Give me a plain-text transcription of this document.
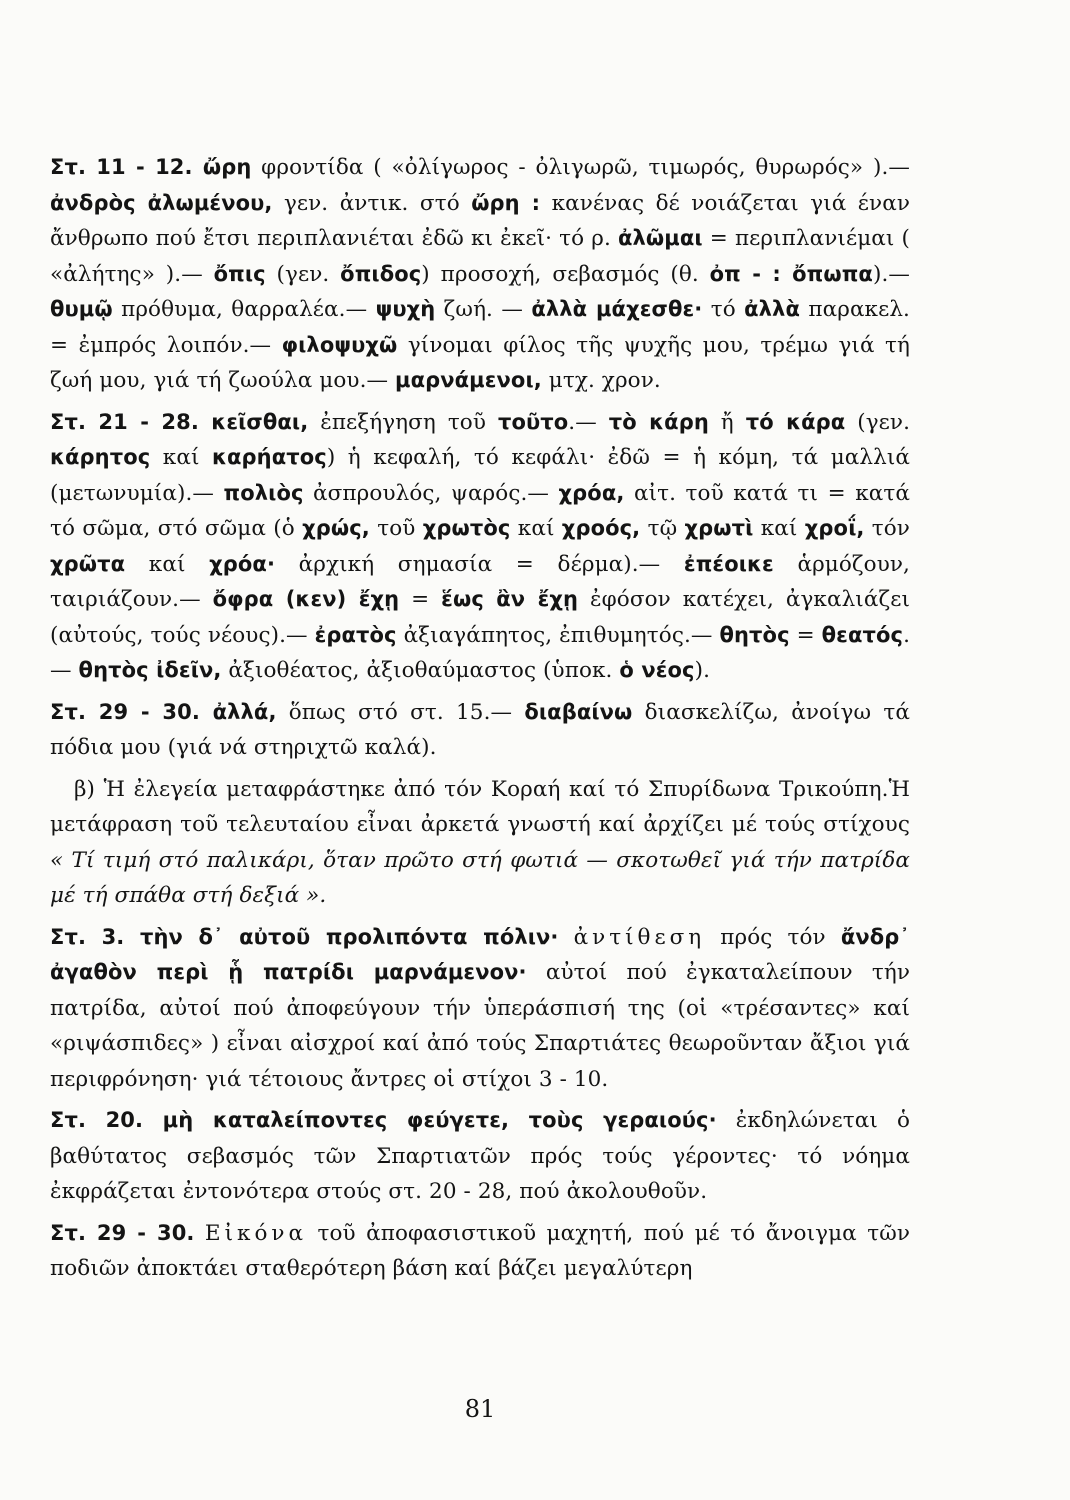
Στ. 11 - 12. ὤρη φροντίδα ( «ὀλίγωρος - ὀλιγωρῶ, τιμωρός, θυρωρός» ).— ἀνδρὸς ἀλωμένου, γεν. ἀντικ. στό ὤρη : κανένας δέ νοιάζεται γιά έναν ἄνθρωπο πού ἔτσι περιπλανιέται ἐδῶ κι ἐκεῖ· τό ρ. ἀλῶμαι = περιπλανιέμαι ( «ἀλήτης» ).— ὄπις (γεν. ὄπιδος) προσοχή, σεβασμός (θ. ὀπ - : ὄπωπα).— θυμῷ πρόθυμα, θαρραλέα.— ψυχὴ ζωή. — ἀλλὰ μάχεσθε· τό ἀλλὰ παρακελ. = ἐμπρός λοιπόν.— φιλοψυχῶ γίνομαι φίλος τῆς ψυχῆς μου, τρέμω γιά τή ζωή μου, γιά τή ζωούλα μου.— μαρνάμενοι, μτχ. χρον.

Στ. 21 - 28. κεῖσθαι, ἐπεξήγηση τοῦ τοῦτο.— τὸ κάρη ἤ τό κάρα (γεν. κάρητος καί καρήατος) ἡ κεφαλή, τό κεφάλι· ἐδῶ = ἡ κόμη, τά μαλλιά (μετωνυμία).— πολιὸς ἀσπρουλός, ψαρός.— χρόα, αἰτ. τοῦ κατά τι = κατά τό σῶμα, στό σῶμα (ὁ χρώς, τοῦ χρωτὸς καί χροός, τῷ χρωτὶ καί χροΐ, τόν χρῶτα καί χρόα· ἀρχική σημασία = δέρμα).— ἐπέοικε ἁρμόζουν, ταιριάζουν.— ὄφρα (κεν) ἔχῃ = ἕως ἂν ἔχῃ ἐφόσον κατέχει, ἀγκαλιάζει (αὐτούς, τούς νέους).— ἐρατὸς ἀξιαγάπητος, ἐπιθυμητός.— θητὸς = θεατός.— θητὸς ἰδεῖν, ἀξιοθέατος, ἀξιοθαύμαστος (ὑποκ. ὁ νέος).

Στ. 29 - 30. ἀλλά, ὅπως στό στ. 15.— διαβαίνω διασκελίζω, ἀνοίγω τά πόδια μου (γιά νά στηριχτῶ καλά).

β) Ἡ ἐλεγεία μεταφράστηκε ἀπό τόν Κοραή καί τό Σπυρίδωνα Τρικούπη.Ἡ μετάφραση τοῦ τελευταίου εἶναι ἀρκετά γνωστή καί ἀρχίζει μέ τούς στίχους « Τί τιμή στό παλικάρι, ὅταν πρῶτο στή φωτιά — σκοτωθεῖ γιά τήν πατρίδα μέ τή σπάθα στή δεξιά ».

Στ. 3. τὴν δ᾽ αὐτοῦ προλιπόντα πόλιν· ἀντίθεση πρός τόν ἄνδρ᾽ ἀγαθὸν περὶ ᾗ πατρίδι μαρνάμενον· αὐτοί πού ἐγκαταλείπουν τήν πατρίδα, αὐτοί πού ἀποφεύγουν τήν ὑπεράσπισή της (οἱ «τρέσαντες» καί «ριψάσπιδες» ) εἶναι αἰσχροί καί ἀπό τούς Σπαρτιάτες θεωροῦνταν ἄξιοι γιά περιφρόνηση· γιά τέτοιους ἄντρες οἱ στίχοι 3 - 10.

Στ. 20. μὴ καταλείποντες φεύγετε, τοὺς γεραιούς· ἐκδηλώνεται ὁ βαθύτατος σεβασμός τῶν Σπαρτιατῶν πρός τούς γέροντες· τό νόημα ἐκφράζεται ἐντονότερα στούς στ. 20 - 28, πού ἀκολουθοῦν.

Στ. 29 - 30. Εἰκόνα τοῦ ἀποφασιστικοῦ μαχητή, πού μέ τό ἄνοιγμα τῶν ποδιῶν ἀποκτάει σταθερότερη βάση καί βάζει μεγαλύτερη

81
